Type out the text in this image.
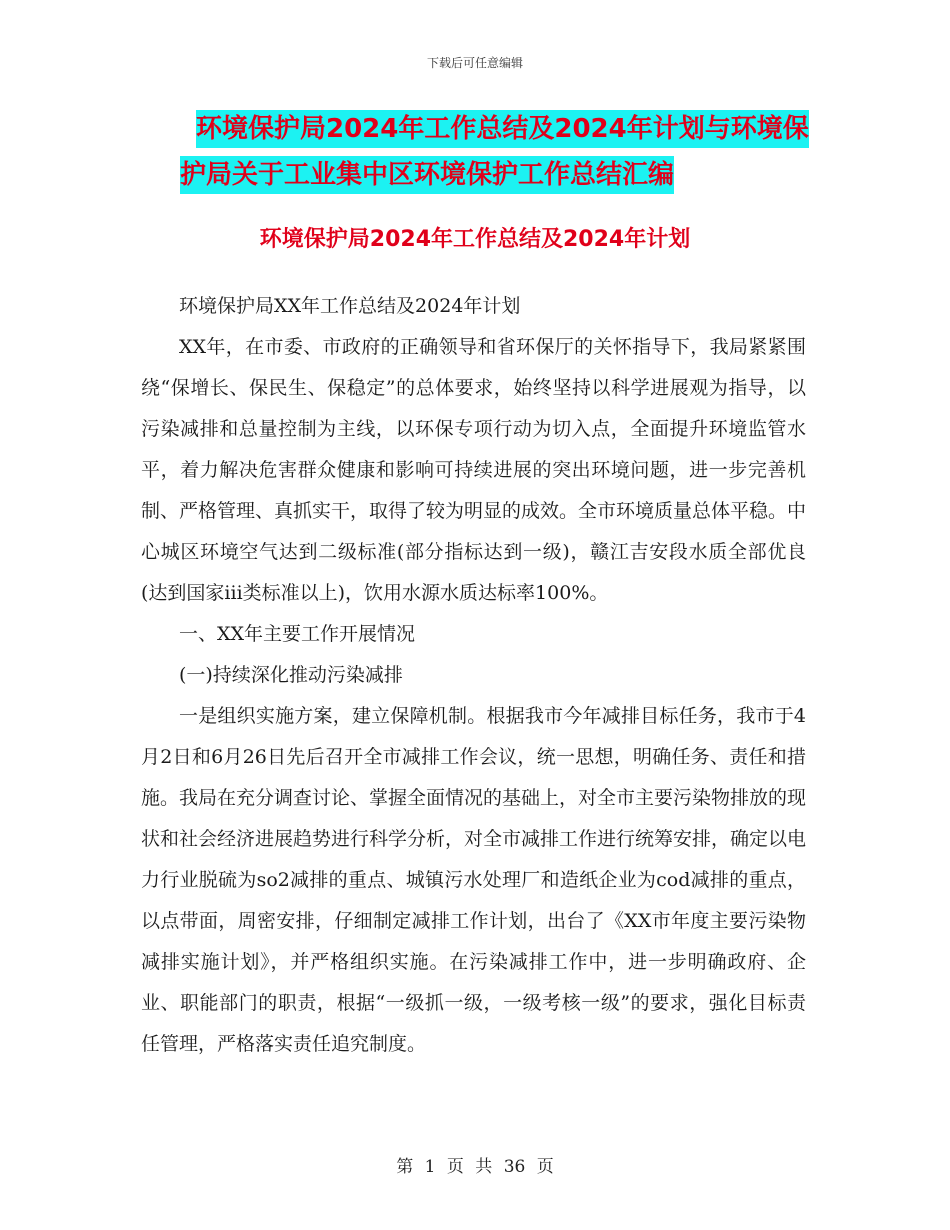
下载后可任意编辑
环境保护局2024年工作总结及2024年计划与环境保
护局关于工业集中区环境保护工作总结汇编
环境保护局2024年工作总结及2024年计划

环境保护局XX年工作总结及2024年计划

XX年，在市委、市政府的正确领导和省环保厅的关怀指导下，我局紧紧围绕“保增长、保民生、保稳定”的总体要求，始终坚持以科学进展观为指导，以污染减排和总量控制为主线，以环保专项行动为切入点，全面提升环境监管水平，着力解决危害群众健康和影响可持续进展的突出环境问题，进一步完善机制、严格管理、真抓实干，取得了较为明显的成效。全市环境质量总体平稳。中心城区环境空气达到二级标准(部分指标达到一级)，赣江吉安段水质全部优良(达到国家iii类标准以上)，饮用水源水质达标率100%。

一、XX年主要工作开展情况

(一)持续深化推动污染减排

一是组织实施方案，建立保障机制。根据我市今年减排目标任务，我市于4月2日和6月26日先后召开全市减排工作会议，统一思想，明确任务、责任和措施。我局在充分调查讨论、掌握全面情况的基础上，对全市主要污染物排放的现状和社会经济进展趋势进行科学分析，对全市减排工作进行统筹安排，确定以电力行业脱硫为so2减排的重点、城镇污水处理厂和造纸企业为cod减排的重点，以点带面，周密安排，仔细制定减排工作计划，出台了《XX市年度主要污染物减排实施计划》，并严格组织实施。在污染减排工作中，进一步明确政府、企业、职能部门的职责，根据“一级抓一级，一级考核一级”的要求，强化目标责任管理，严格落实责任追究制度。

第 1 页 共 36 页
